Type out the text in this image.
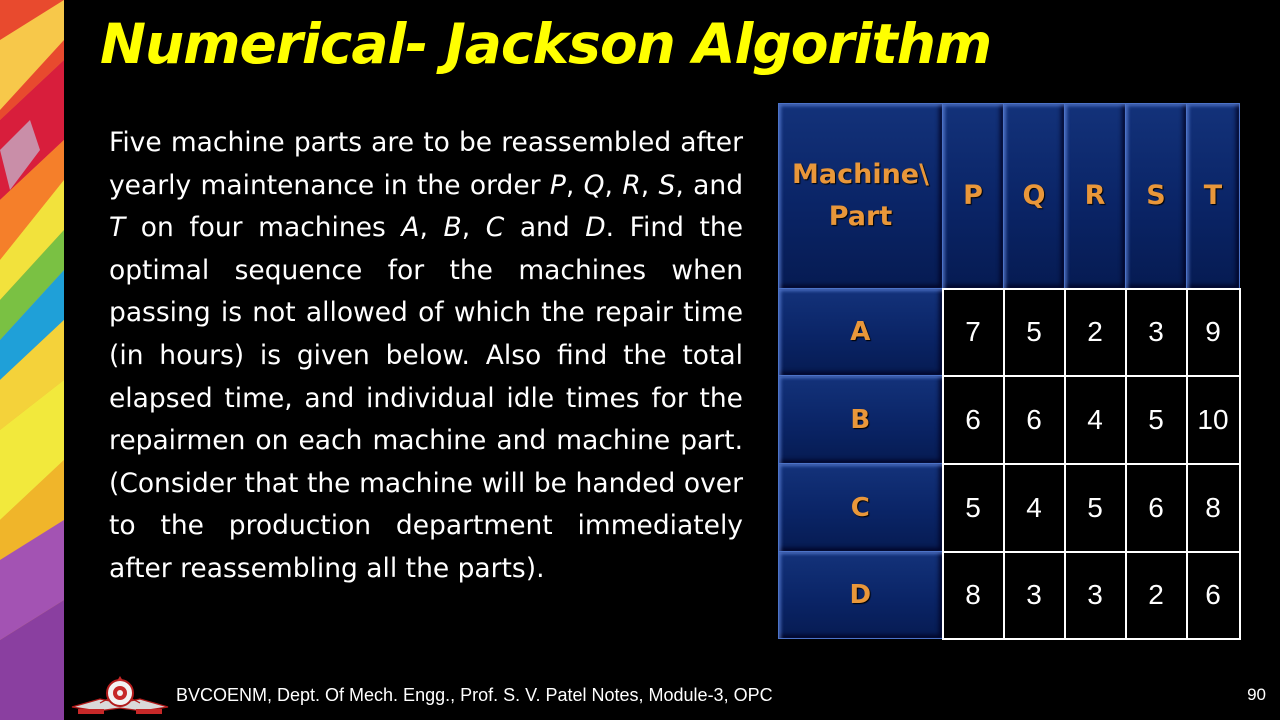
Numerical- Jackson Algorithm

Five machine parts are to be reassembled after yearly maintenance in the order P, Q, R, S, and T on four machines A, B, C and D. Find the optimal sequence for the machines when passing is not allowed of which the repair time (in hours) is given below. Also find the total elapsed time, and individual idle times for the repairmen on each machine and machine part. (Consider that the machine will be handed over to the production department immediately after reassembling all the parts).

Machine\
Part	P	Q	R	S	T
A	7	5	2	3	9
B	6	6	4	5	10
C	5	4	5	6	8
D	8	3	3	2	6
BVCOENM, Dept. Of Mech. Engg., Prof. S. V. Patel Notes, Module-3, OPC	90
